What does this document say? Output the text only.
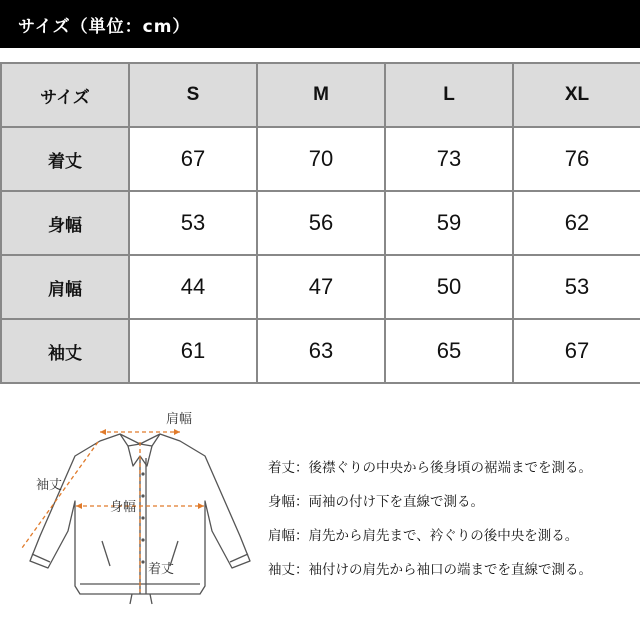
サイズ（単位：cm）
サイズ	S	M	L	XL
着丈	67	70	73	76
身幅	53	56	59	62
肩幅	44	47	50	53
袖丈	61	63	65	67
肩幅
袖丈
身幅
着丈
着丈：後襟ぐりの中央から後身頃の裾端までを測る。
身幅：両袖の付け下を直線で測る。
肩幅：肩先から肩先まで、衿ぐりの後中央を測る。
袖丈：袖付けの肩先から袖口の端までを直線で測る。
